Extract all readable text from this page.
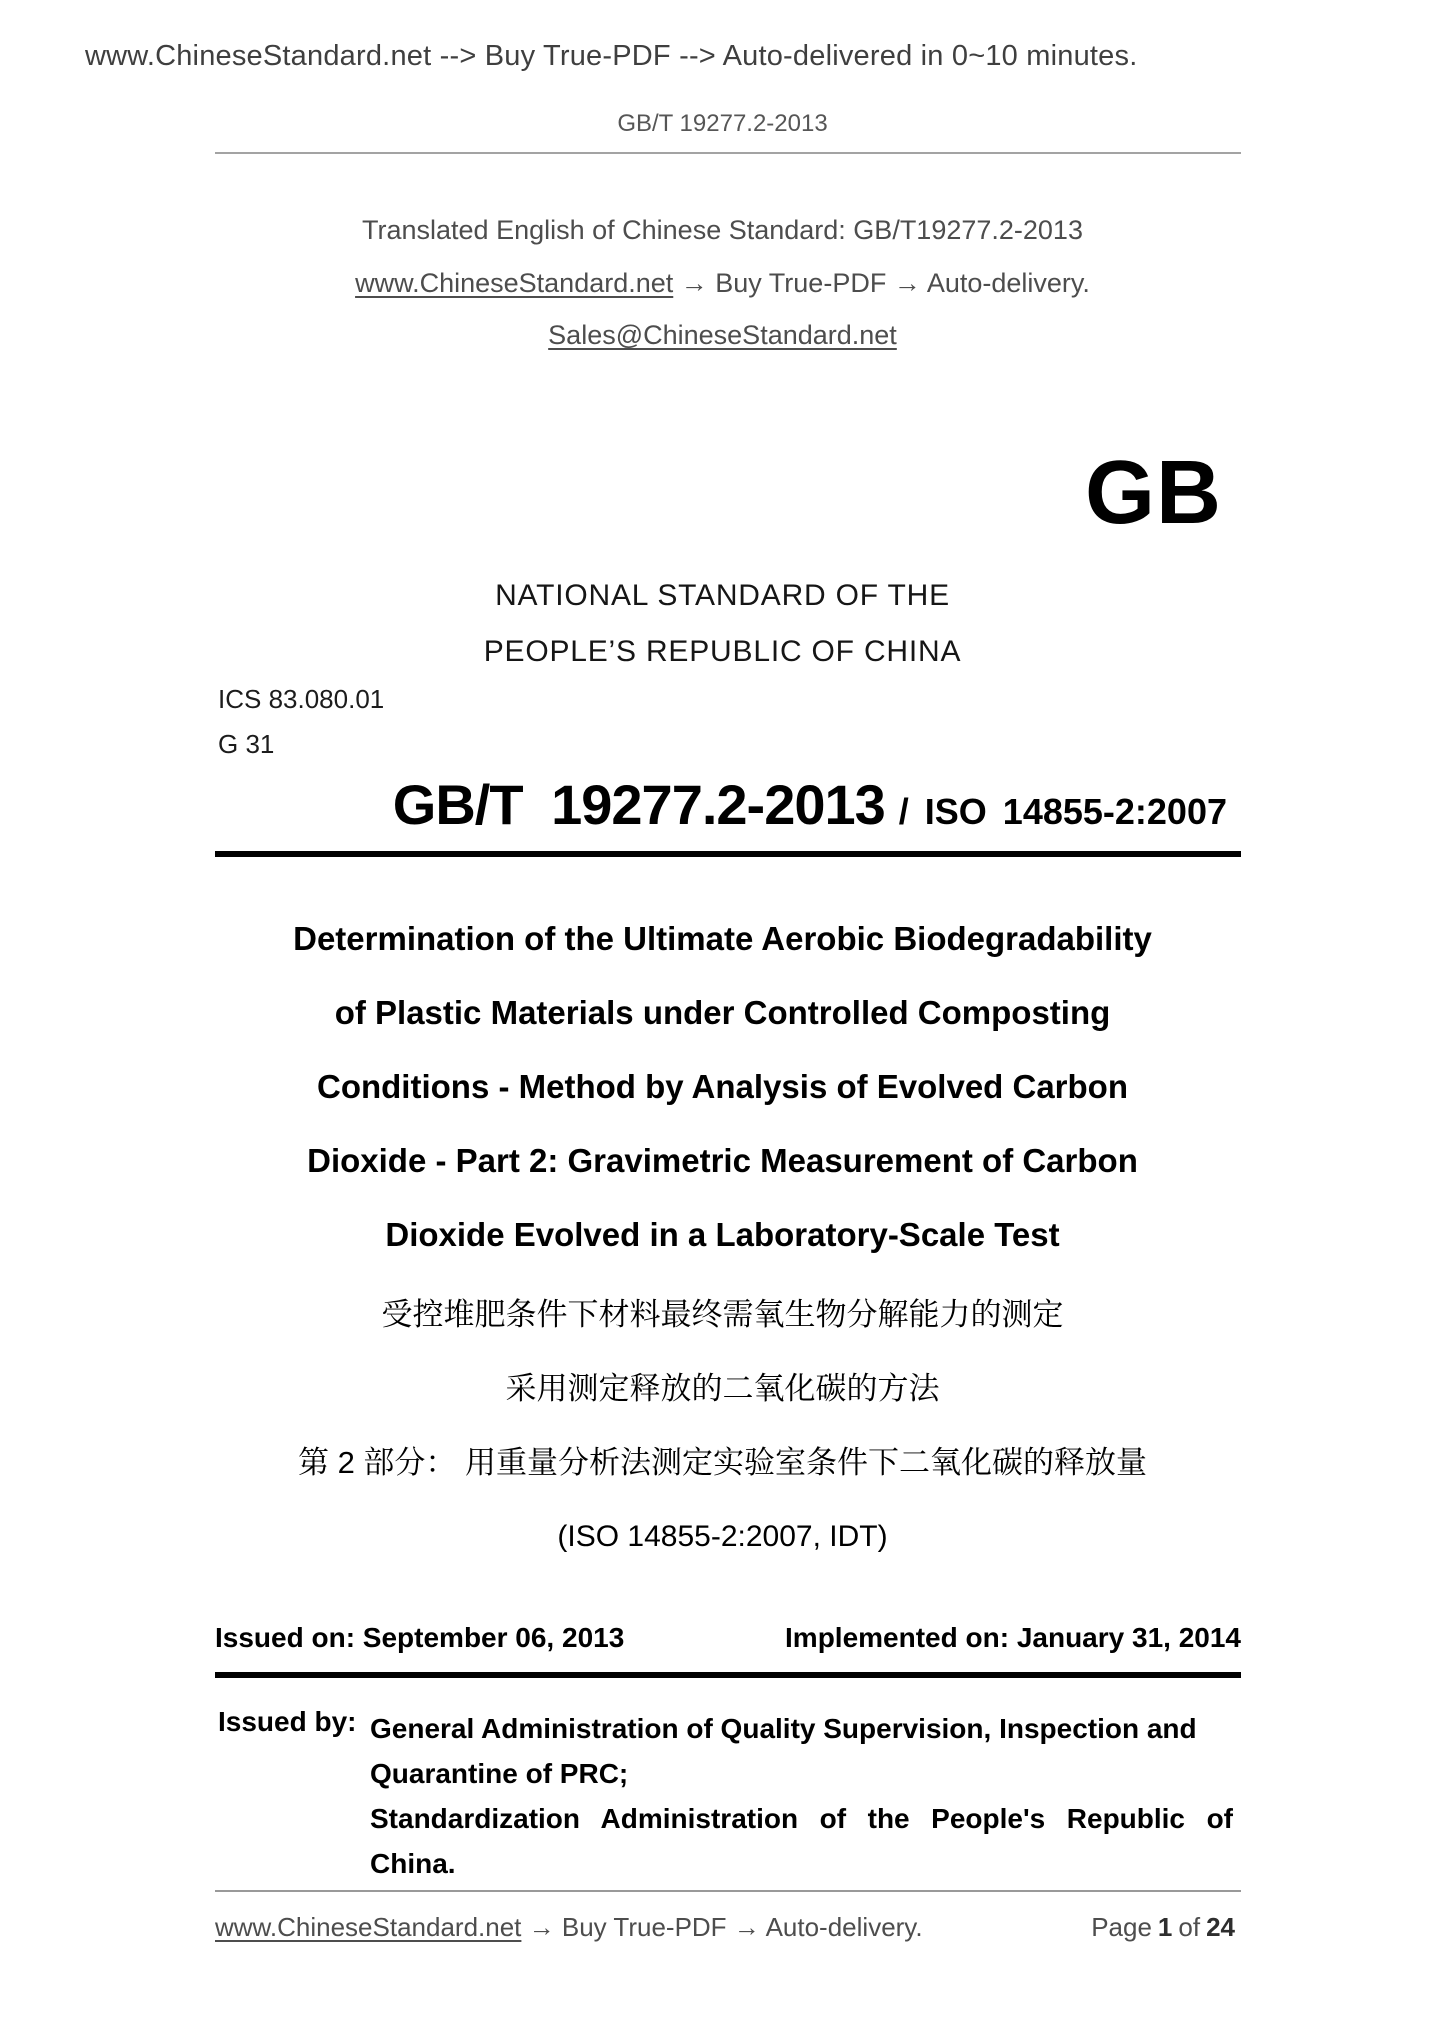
www.ChineseStandard.net --> Buy True-PDF --> Auto-delivered in 0~10 minutes.
GB/T 19277.2-2013
Translated English of Chinese Standard: GB/T19277.2-2013
www.ChineseStandard.net → Buy True-PDF → Auto-delivery.
Sales@ChineseStandard.net
GB
NATIONAL STANDARD OF THE
PEOPLE’S REPUBLIC OF CHINA
ICS 83.080.01
G 31
GB/T 19277.2-2013 / ISO 14855-2:2007
Determination of the Ultimate Aerobic Biodegradability
of Plastic Materials under Controlled Composting
Conditions - Method by Analysis of Evolved Carbon
Dioxide - Part 2: Gravimetric Measurement of Carbon
Dioxide Evolved in a Laboratory-Scale Test
受控堆肥条件下材料最终需氧生物分解能力的测定
采用测定释放的二氧化碳的方法
第 2 部分： 用重量分析法测定实验室条件下二氧化碳的释放量
(ISO 14855-2:2007, IDT)
Issued on: September 06, 2013	Implemented on: January 31, 2014
Issued by: General Administration of Quality Supervision, Inspection and
Quarantine of PRC;
Standardization Administration of the People's Republic of
China.
www.ChineseStandard.net → Buy True-PDF → Auto-delivery.	Page 1 of 24
